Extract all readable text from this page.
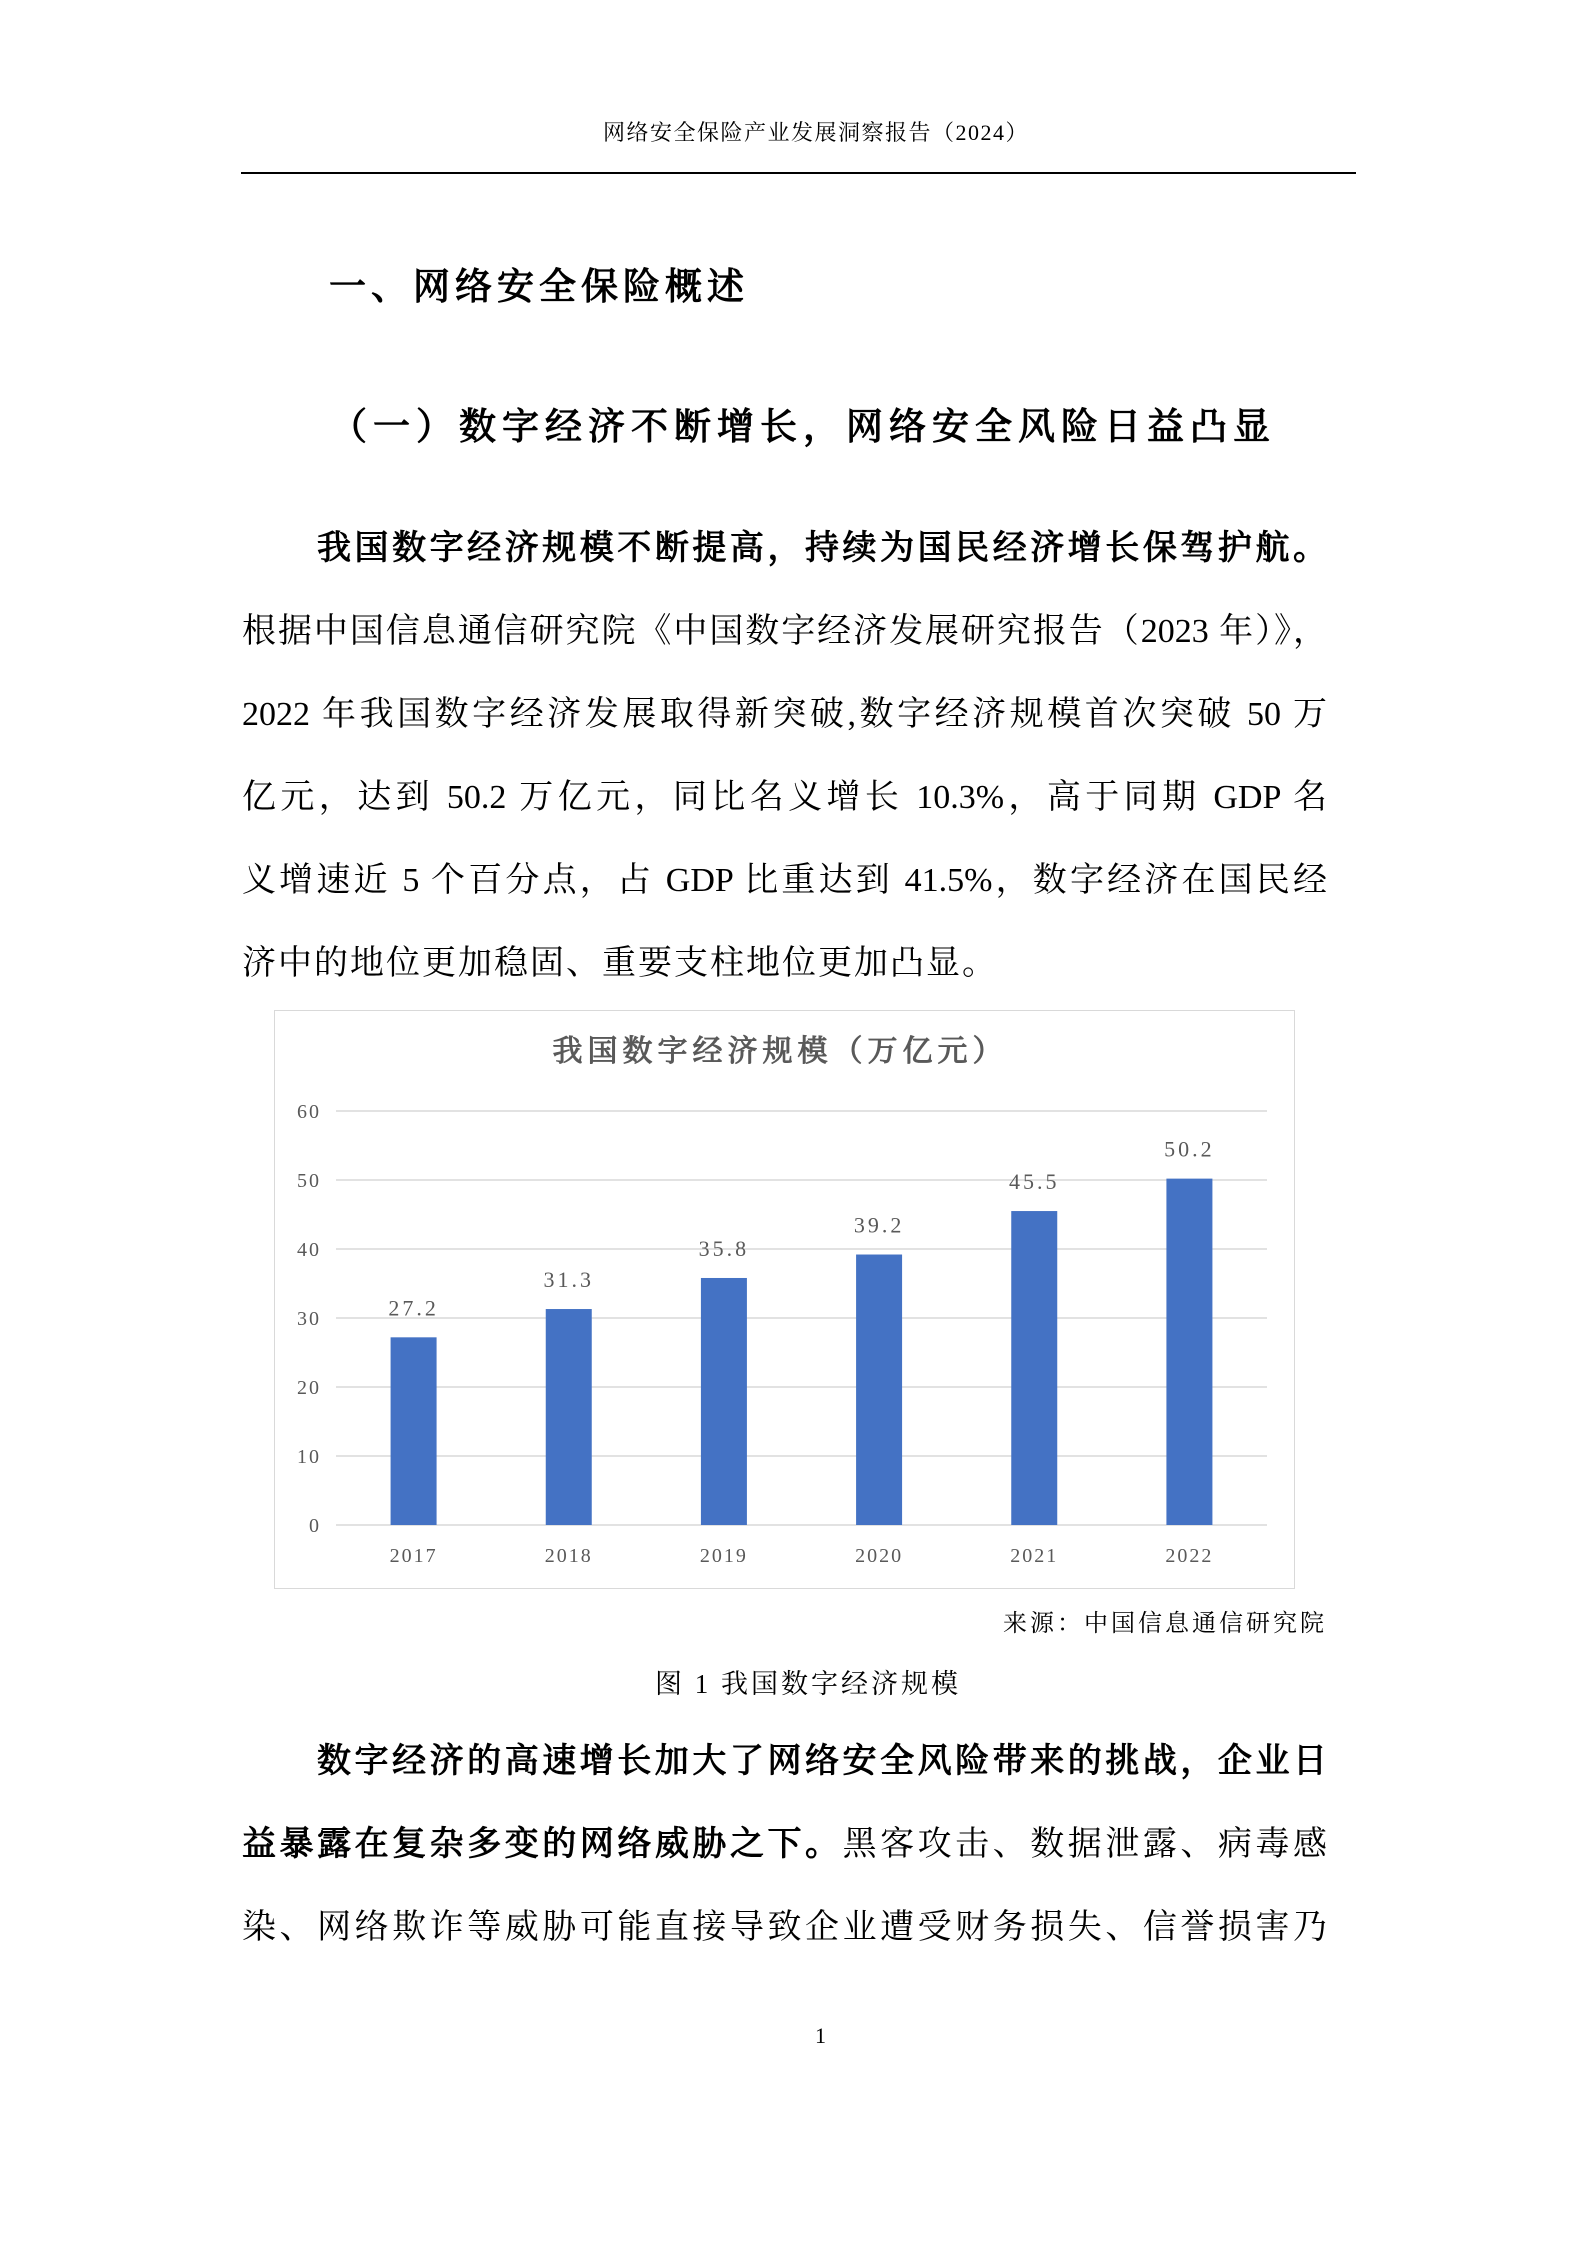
网络安全保险产业发展洞察报告（2024）
一、网络安全保险概述
（一）数字经济不断增长，网络安全风险日益凸显
我国数字经济规模不断提高，持续为国民经济增长保驾护航。
根据中国信息通信研究院《中国数字经济发展研究报告（2023 年）》，
2022 年我国数字经济发展取得新突破,数字经济规模首次突破 50 万
亿元，达到 50.2 万亿元，同比名义增长 10.3%，高于同期 GDP 名
义增速近 5 个百分点，占 GDP 比重达到 41.5%，数字经济在国民经
济中的地位更加稳固、重要支柱地位更加凸显。
我国数字经济规模（万亿元）
0
10
20
30
40
50
60
27.2
2017
31.3
2018
35.8
2019
39.2
2020
45.5
2021
50.2
2022
来源：中国信息通信研究院
图 1 我国数字经济规模
数字经济的高速增长加大了网络安全风险带来的挑战，企业日
益暴露在复杂多变的网络威胁之下。黑客攻击、数据泄露、病毒感
染、网络欺诈等威胁可能直接导致企业遭受财务损失、信誉损害乃
1
